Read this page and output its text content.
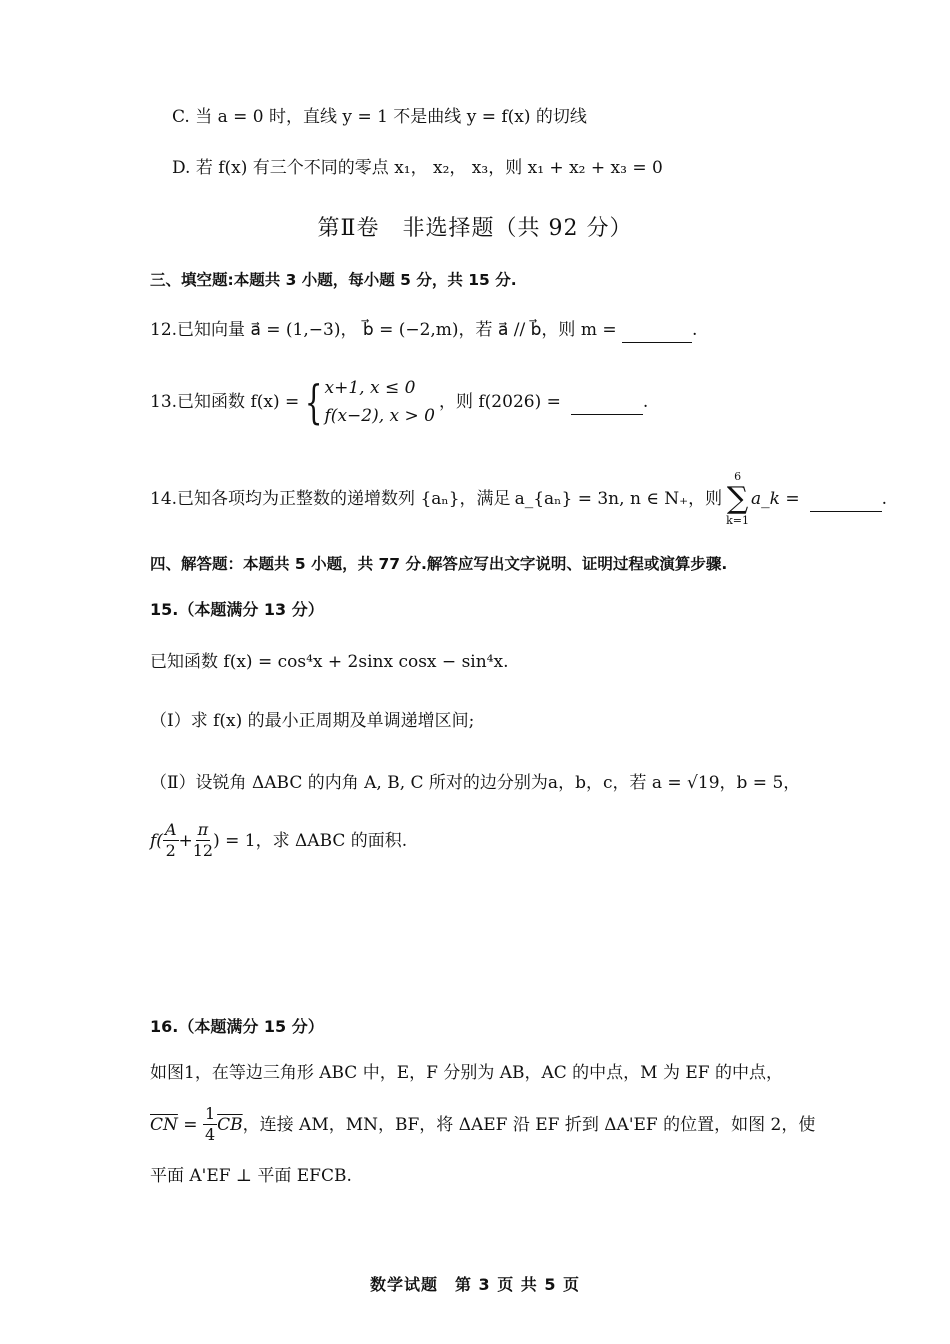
C. 当 a = 0 时，直线 y = 1 不是曲线 y = f(x) 的切线
D. 若 f(x) 有三个不同的零点 x₁， x₂， x₃，则 x₁ + x₂ + x₃ = 0
第Ⅱ卷　非选择题（共 92 分）
三、填空题:本题共 3 小题，每小题 5 分，共 15 分.
12.已知向量 a⃗ = (1,−3)， b⃗ = (−2,m)，若 a⃗ // b⃗，则 m =	.
13.已知函数 f(x) = { x+1, x ≤ 0
f(x−2), x > 0
，则 f(2026) =
	.
14.已知各项均为正整数的递增数列 {aₙ}，满足 a_{aₙ} = 3n, n ∈ N₊，则
6
∑
k=1
a_k =
	.
四、解答题：本题共 5 小题，共 77 分.解答应写出文字说明、证明过程或演算步骤.
15.（本题满分 13 分）
已知函数 f(x) = cos⁴x + 2sinx cosx − sin⁴x.
（Ⅰ）求 f(x) 的最小正周期及单调递增区间;
（Ⅱ）设锐角 ΔABC 的内角 A, B, C 所对的边分别为a，b，c，若 a = √19，b = 5，
$f( \frac{A}{2} + \frac{\pi}{12}$ ) = 1，求 ΔABC 的面积.
16.（本题满分 15 分）
如图1，在等边三角形 ABC 中，E，F 分别为 AB，AC 的中点，M 为 EF 的中点，
$\overline{CN} = \frac{1}{4} \overline{CB}$ ，连接 AM，MN，BF，将 ΔAEF 沿 EF 折到 ΔA'EF 的位置，如图 2，使
平面 A'EF ⊥ 平面 EFCB.
数学试题　第 3 页 共 5 页
